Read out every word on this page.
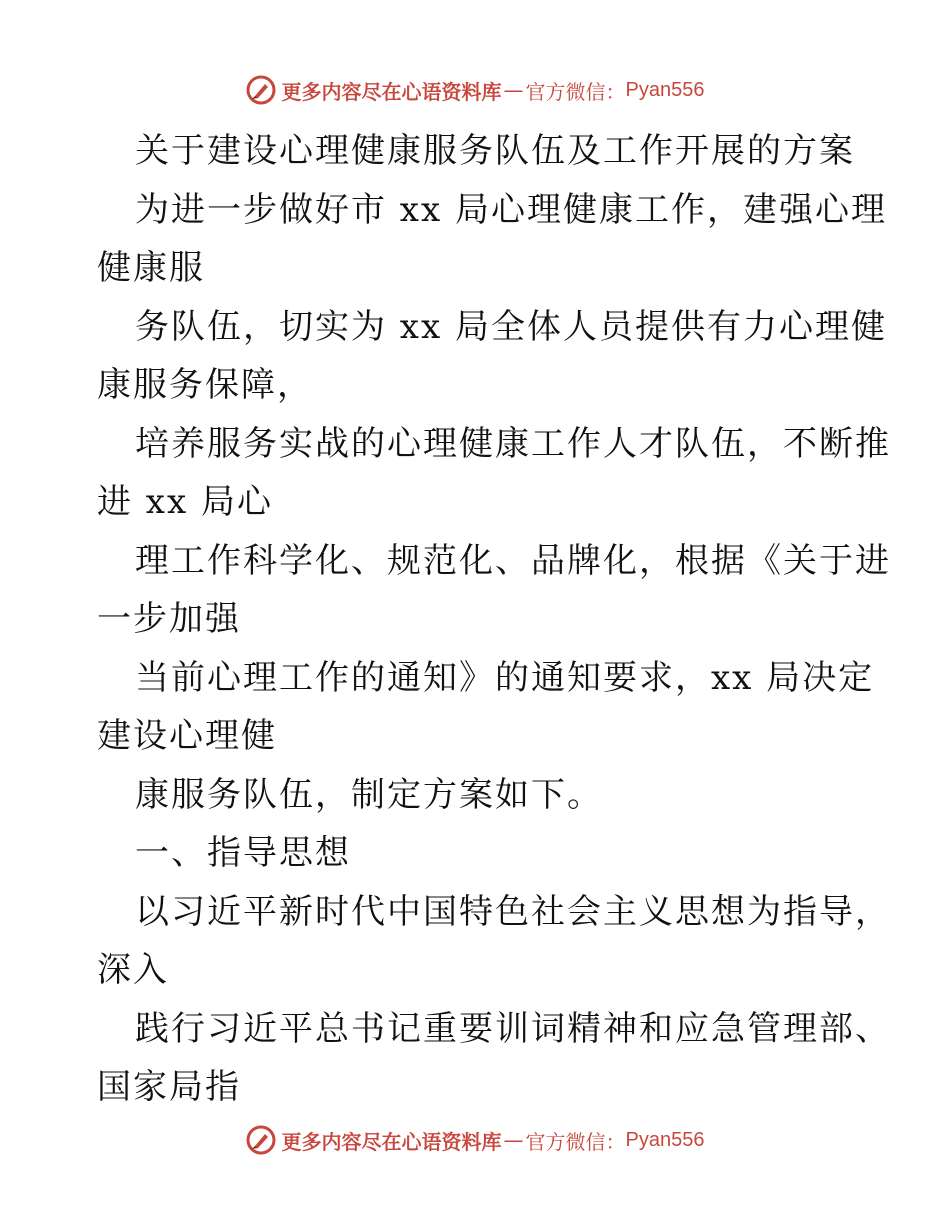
更多内容尽在心语资料库 — 官方微信： Pyan556
关于建设心理健康服务队伍及工作开展的方案
为进一步做好市 xx 局心理健康工作，建强心理
健康服
务队伍，切实为 xx 局全体人员提供有力心理健
康服务保障，
培养服务实战的心理健康工作人才队伍，不断推
进 xx 局心
理工作科学化、规范化、品牌化，根据《关于进
一步加强
当前心理工作的通知》的通知要求，xx 局决定
建设心理健
康服务队伍，制定方案如下。
一、指导思想
以习近平新时代中国特色社会主义思想为指导，
深入
践行习近平总书记重要训词精神和应急管理部、
国家局指
更多内容尽在心语资料库 — 官方微信： Pyan556
